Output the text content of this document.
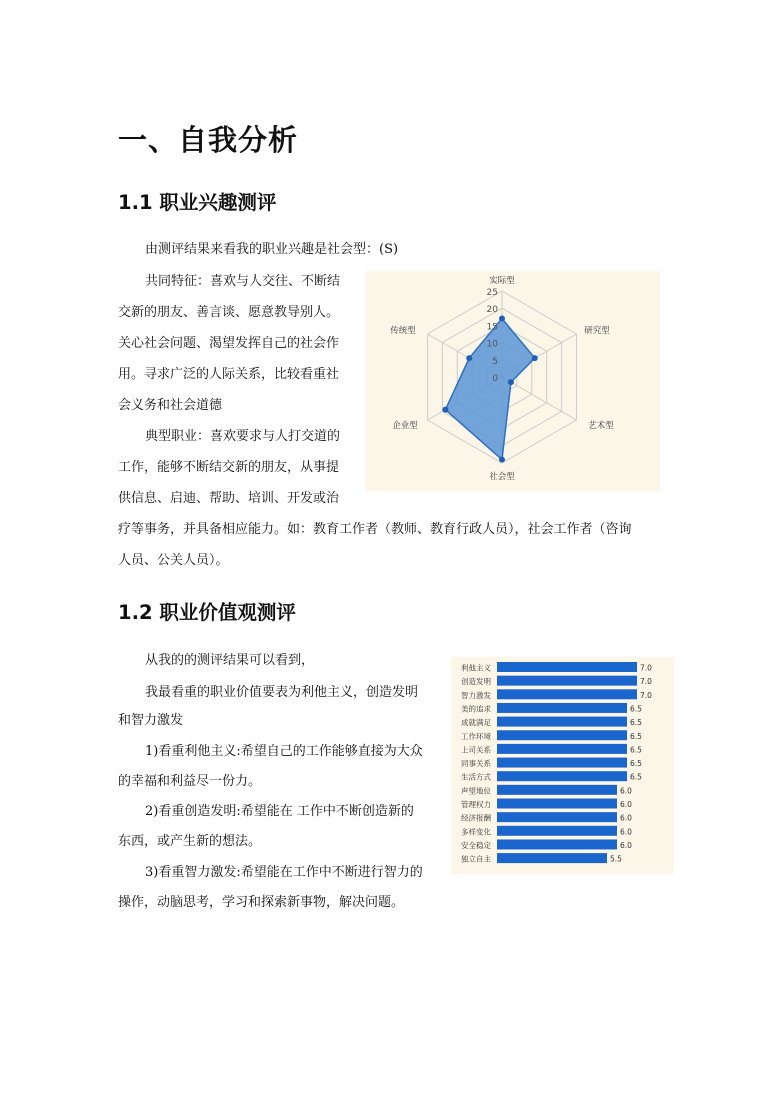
一、自我分析
1.1 职业兴趣测评
由测评结果来看我的职业兴趣是社会型：(S)
共同特征：喜欢与人交往、不断结
交新的朋友、善言谈、愿意教导别人。
关心社会问题、渴望发挥自己的社会作
用。寻求广泛的人际关系，比较看重社
会义务和社会道德
典型职业：喜欢要求与人打交道的
工作，能够不断结交新的朋友，从事提
供信息、启迪、帮助、培训、开发或治
疗等事务，并具备相应能力。如：教育工作者（教师、教育行政人员），社会工作者（咨询
人员、公关人员）。
25
20
15
10
5
0
实际型
研究型
艺术型
社会型
企业型
传统型
1.2 职业价值观测评
从我的的测评结果可以看到，
我最看重的职业价值要表为利他主义，创造发明
和智力激发
1)看重利他主义:希望自己的工作能够直接为大众
的幸福和利益尽一份力。
2)看重创造发明:希望能在 工作中不断创造新的
东西，或产生新的想法。
3)看重智力激发:希望能在工作中不断进行智力的
操作，动脑思考，学习和探索新事物，解决问题。
利他主义	7.0
创造发明	7.0
智力激发	7.0
美的追求	6.5
成就满足	6.5
工作环境	6.5
上司关系	6.5
同事关系	6.5
生活方式	6.5
声望地位	6.0
管理权力	6.0
经济报酬	6.0
多样变化	6.0
安全稳定	6.0
独立自主	5.5
